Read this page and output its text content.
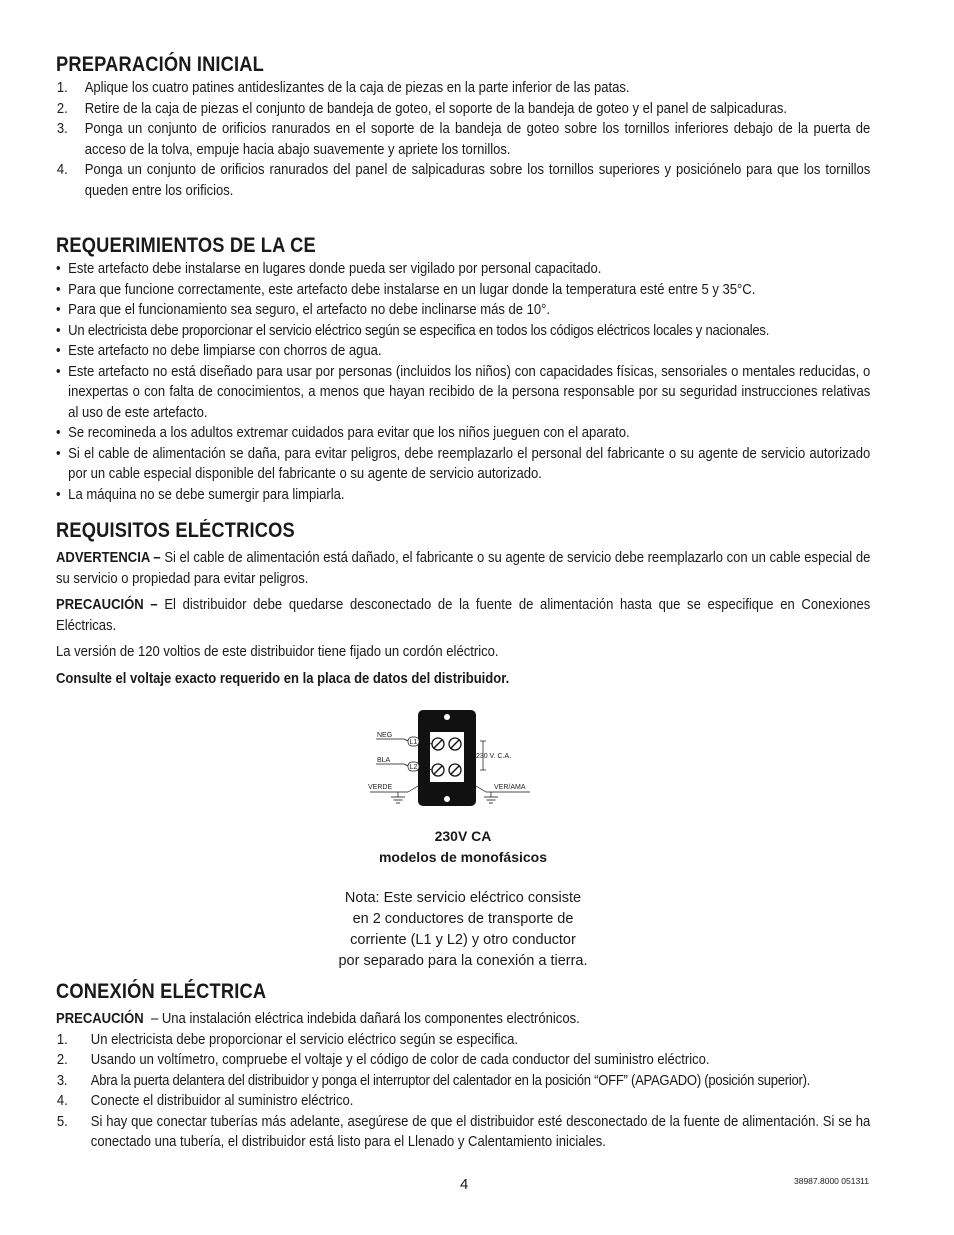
PREPARACIÓN INICIAL
1. Aplique los cuatro patines antideslizantes de la caja de piezas en la parte inferior de las patas.
2. Retire de la caja de piezas el conjunto de bandeja de goteo, el soporte de la bandeja de goteo y el panel de salpicaduras.
3. Ponga un conjunto de orificios ranurados en el soporte de la bandeja de goteo sobre los tornillos inferiores debajo de la puerta de acceso de la tolva, empuje hacia abajo suavemente y apriete los tornillos.
4. Ponga un conjunto de orificios ranurados del panel de salpicaduras sobre los tornillos superiores y posiciónelo para que los tornillos queden entre los orificios.
REQUERIMIENTOS DE LA CE
• Este artefacto debe instalarse en lugares donde pueda ser vigilado por personal capacitado.
• Para que funcione correctamente, este artefacto debe instalarse en un lugar donde la temperatura esté entre 5 y 35°C.
• Para que el funcionamiento sea seguro, el artefacto no debe inclinarse más de 10°.
• Un electricista debe proporcionar el servicio eléctrico según se especifica en todos los códigos eléctricos locales y nacionales.
• Este artefacto no debe limpiarse con chorros de agua.
• Este artefacto no está diseñado para usar por personas (incluidos los niños) con capacidades físicas, sensoriales o mentales reducidas, o inexpertas o con falta de conocimientos, a menos que hayan recibido de la persona responsable por su seguridad instrucciones relativas al uso de este artefacto.
• Se recomineda a los adultos extremar cuidados para evitar que los niños jueguen con el aparato.
• Si el cable de alimentación se daña, para evitar peligros, debe reemplazarlo el personal del fabricante o su agente de servicio autorizado por un cable especial disponible del fabricante o su agente de servicio autorizado.
• La máquina no se debe sumergir para limpiarla.
REQUISITOS ELÉCTRICOS

ADVERTENCIA – Si el cable de alimentación está dañado, el fabricante o su agente de servicio debe reemplazarlo con un cable especial de su servicio o propiedad para evitar peligros.

PRECAUCIÓN – El distribuidor debe quedarse desconectado de la fuente de alimentación hasta que se especifique en Conexiones Eléctricas.

La versión de 120 voltios de este distribuidor tiene fijado un cordón eléctrico.

Consulte el voltaje exacto requerido en la placa de datos del distribuidor.

L1
NEG
L2
BLA
230 V. C.A.
VERDE	VER/AMA
230V CA
modelos de monofásicos
Nota: Este servicio eléctrico consiste
en 2 conductores de transporte de
corriente (L1 y L2) y otro conductor
por separado para la conexión a tierra.
CONEXIÓN ELÉCTRICA

PRECAUCIÓN – Una instalación eléctrica indebida dañará los componentes electrónicos.

1. Un electricista debe proporcionar el servicio eléctrico según se especifica.
2. Usando un voltímetro, compruebe el voltaje y el código de color de cada conductor del suministro eléctrico.
3. Abra la puerta delantera del distribuidor y ponga el interruptor del calentador en la posición “OFF” (APAGADO) (posición superior).
4. Conecte el distribuidor al suministro eléctrico.
5. Si hay que conectar tuberías más adelante, asegúrese de que el distribuidor esté desconectado de la fuente de alimentación. Si se ha conectado una tubería, el distribuidor está listo para el Llenado y Calentamiento iniciales.
4	38987.8000 051311
